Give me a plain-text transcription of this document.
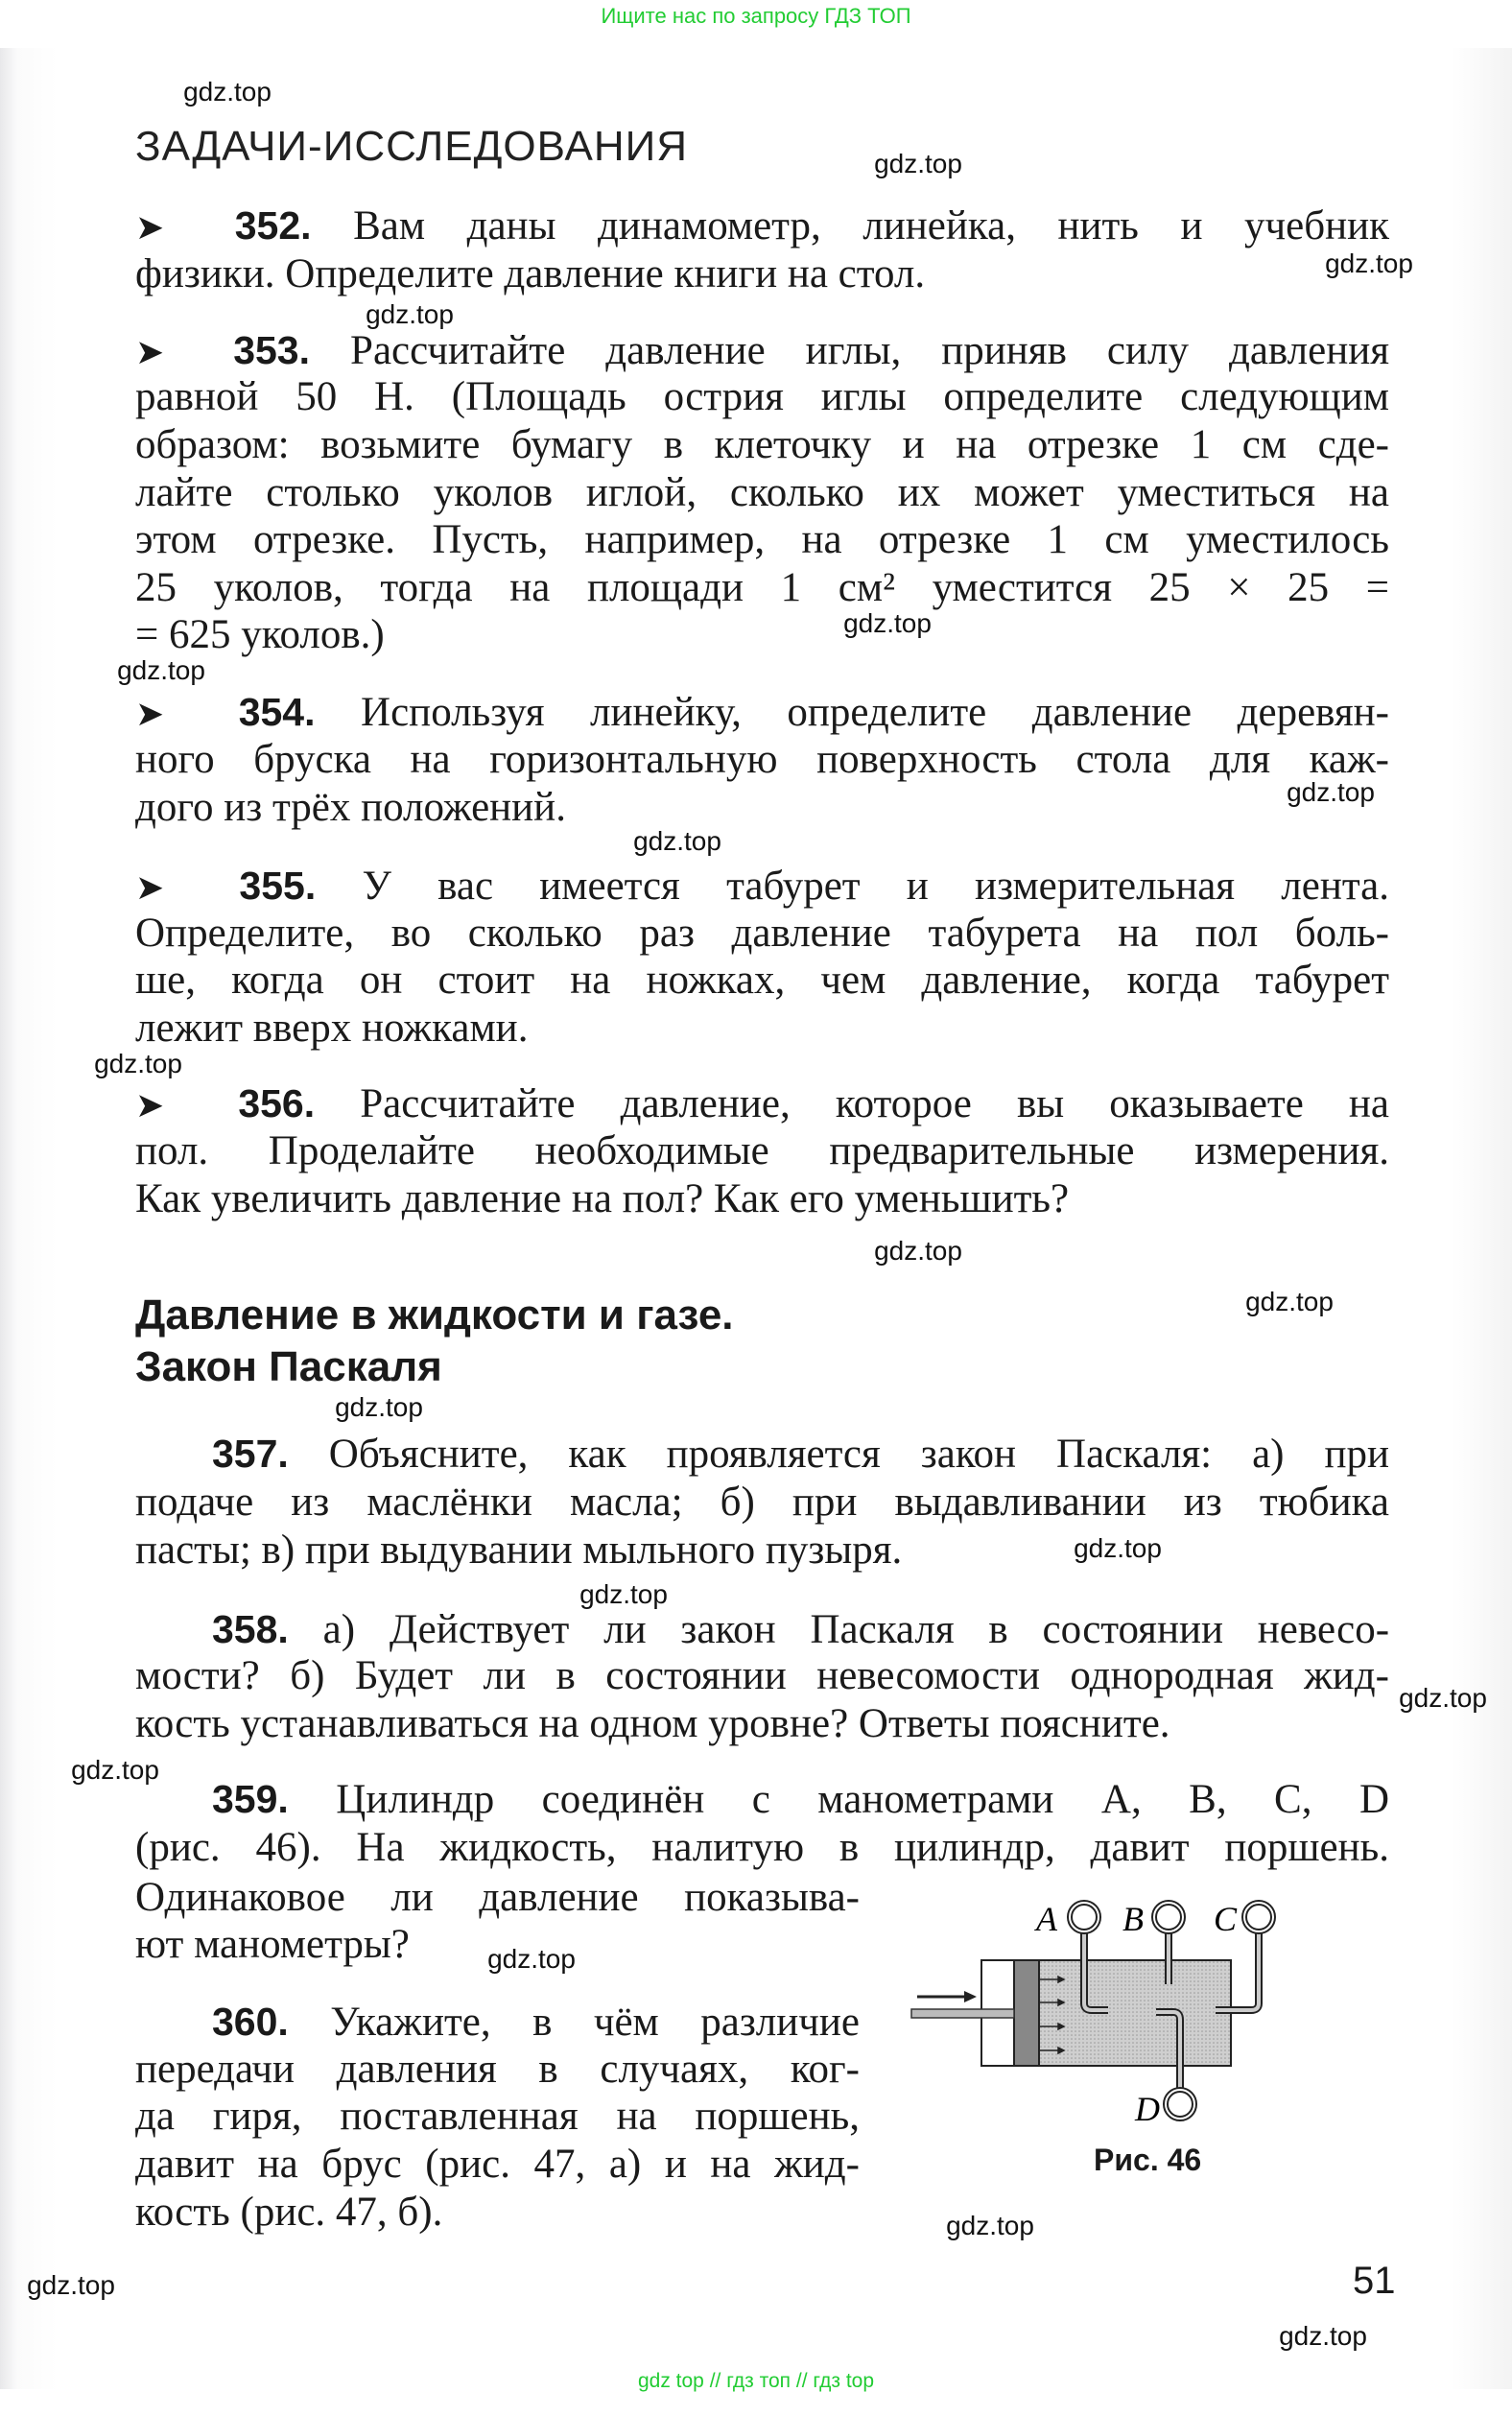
Ищите нас по запросу ГДЗ ТОП
ЗАДАЧИ-ИССЛЕДОВАНИЯ
➤ 352. Вам даны динамометр, линейка, нить и учебник
физики. Определите давление книги на стол.
➤ 353. Рассчитайте давление иглы, приняв силу давления
равной 50 Н. (Площадь острия иглы определите следующим
образом: возьмите бумагу в клеточку и на отрезке 1 см сде-
лайте столько уколов иглой, сколько их может уместиться на
этом отрезке. Пусть, например, на отрезке 1 см уместилось
25 уколов, тогда на площади 1 см² уместится 25 × 25 =
= 625 уколов.)
➤ 354. Используя линейку, определите давление деревян-
ного бруска на горизонтальную поверхность стола для каж-
дого из трёх положений.
➤ 355. У вас имеется табурет и измерительная лента.
Определите, во сколько раз давление табурета на пол боль-
ше, когда он стоит на ножках, чем давление, когда табурет
лежит вверх ножками.
➤ 356. Рассчитайте давление, которое вы оказываете на
пол. Проделайте необходимые предварительные измерения.
Как увеличить давление на пол? Как его уменьшить?
357. Объясните, как проявляется закон Паскаля: а) при
подаче из маслёнки масла; б) при выдавливании из тюбика
пасты; в) при выдувании мыльного пузыря.
358. а) Действует ли закон Паскаля в состоянии невесо-
мости? б) Будет ли в состоянии невесомости однородная жид-
кость устанавливаться на одном уровне? Ответы поясните.
359. Цилиндр соединён с манометрами A, B, C, D
(рис. 46). На жидкость, налитую в цилиндр, давит поршень.
Одинаковое ли давление показыва-
ют манометры?
360. Укажите, в чём различие
передачи давления в случаях, ког-
да гиря, поставленная на поршень,
давит на брус (рис. 47, а) и на жид-
кость (рис. 47, б).
Давление в жидкости и газе.
Закон Паскаля
A B C
D
Рис. 46
51
gdz.top
gdz.top
gdz.top
gdz.top
gdz.top
gdz.top
gdz.top
gdz.top
gdz.top
gdz.top
gdz.top
gdz.top
gdz.top
gdz.top
gdz.top
gdz.top
gdz.top
gdz.top
gdz.top
gdz.top
gdz top // гдз топ // гдз top
